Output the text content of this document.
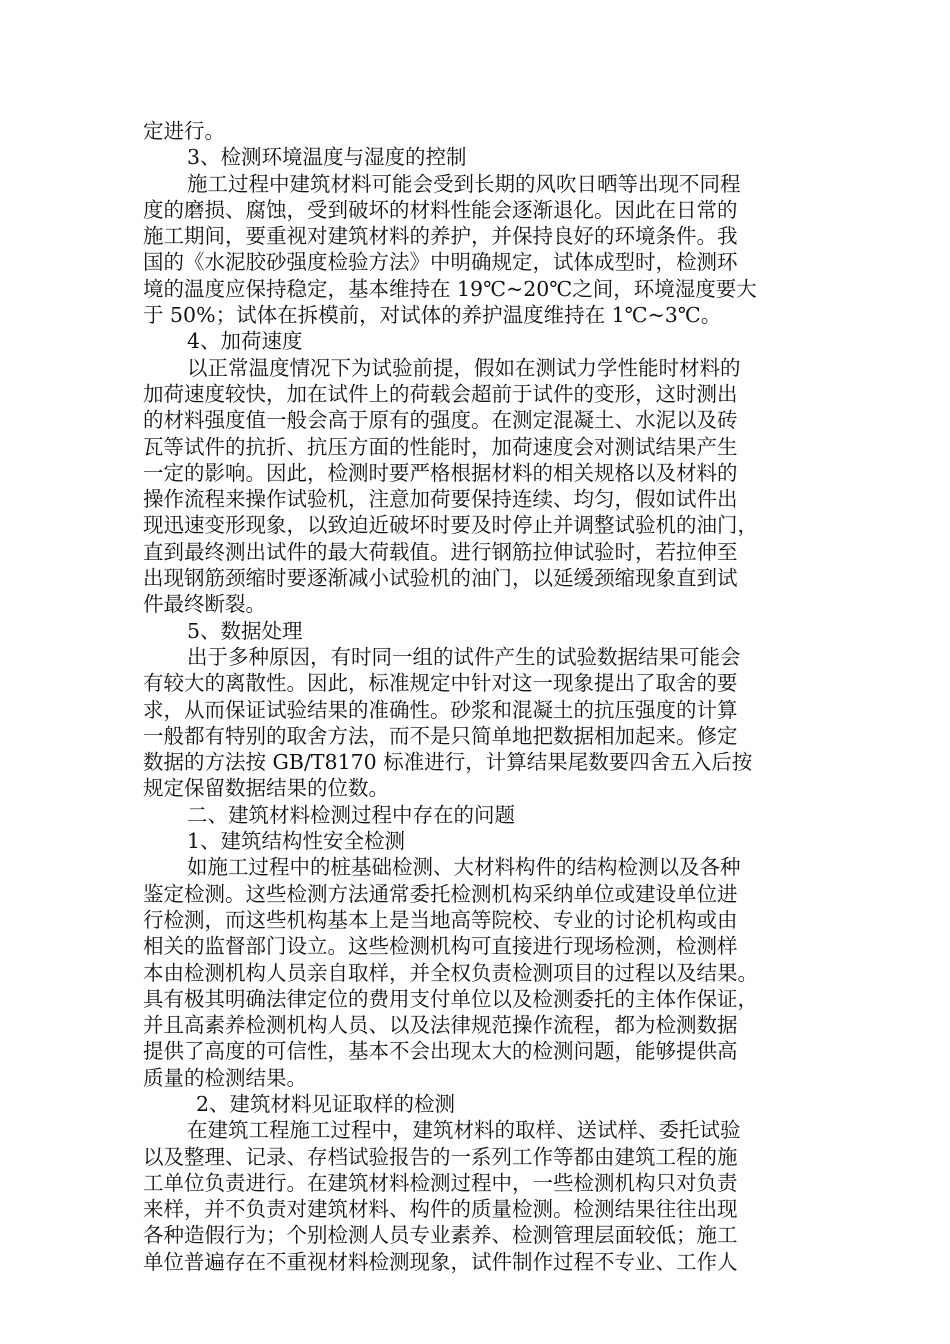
定进行。
3、检测环境温度与湿度的控制
施工过程中建筑材料可能会受到长期的风吹日晒等出现不同程
度的磨损、腐蚀，受到破坏的材料性能会逐渐退化。因此在日常的
施工期间，要重视对建筑材料的养护，并保持良好的环境条件。我
国的《水泥胶砂强度检验方法》中明确规定，试体成型时，检测环
境的温度应保持稳定，基本维持在 19℃~20℃之间，环境湿度要大
于 50%；试体在拆模前，对试体的养护温度维持在 1℃~3℃。
4、加荷速度
以正常温度情况下为试验前提，假如在测试力学性能时材料的
加荷速度较快，加在试件上的荷载会超前于试件的变形，这时测出
的材料强度值一般会高于原有的强度。在测定混凝土、水泥以及砖
瓦等试件的抗折、抗压方面的性能时，加荷速度会对测试结果产生
一定的影响。因此，检测时要严格根据材料的相关规格以及材料的
操作流程来操作试验机，注意加荷要保持连续、均匀，假如试件出
现迅速变形现象，以致迫近破坏时要及时停止并调整试验机的油门，
直到最终测出试件的最大荷载值。进行钢筋拉伸试验时，若拉伸至
出现钢筋颈缩时要逐渐减小试验机的油门，以延缓颈缩现象直到试
件最终断裂。
5、数据处理
出于多种原因，有时同一组的试件产生的试验数据结果可能会
有较大的离散性。因此，标准规定中针对这一现象提出了取舍的要
求，从而保证试验结果的准确性。砂浆和混凝土的抗压强度的计算
一般都有特别的取舍方法，而不是只简单地把数据相加起来。修定
数据的方法按 GB/T8170 标准进行，计算结果尾数要四舍五入后按
规定保留数据结果的位数。
二、建筑材料检测过程中存在的问题
1、建筑结构性安全检测
如施工过程中的桩基础检测、大材料构件的结构检测以及各种
鉴定检测。这些检测方法通常委托检测机构采纳单位或建设单位进
行检测，而这些机构基本上是当地高等院校、专业的讨论机构或由
相关的监督部门设立。这些检测机构可直接进行现场检测，检测样
本由检测机构人员亲自取样，并全权负责检测项目的过程以及结果。
具有极其明确法律定位的费用支付单位以及检测委托的主体作保证，
并且高素养检测机构人员、以及法律规范操作流程，都为检测数据
提供了高度的可信性，基本不会出现太大的检测问题，能够提供高
质量的检测结果。
2、建筑材料见证取样的检测
在建筑工程施工过程中，建筑材料的取样、送试样、委托试验
以及整理、记录、存档试验报告的一系列工作等都由建筑工程的施
工单位负责进行。在建筑材料检测过程中，一些检测机构只对负责
来样，并不负责对建筑材料、构件的质量检测。检测结果往往出现
各种造假行为；个别检测人员专业素养、检测管理层面较低；施工
单位普遍存在不重视材料检测现象，试件制作过程不专业、工作人
